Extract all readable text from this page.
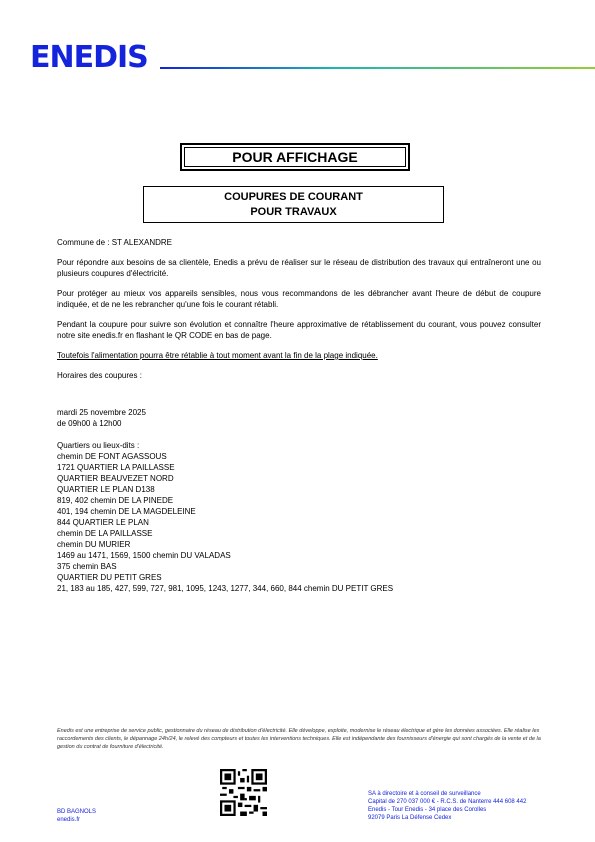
ENEDIS
POUR AFFICHAGE
COUPURES DE COURANT
POUR TRAVAUX

Commune de : ST ALEXANDRE

Pour répondre aux besoins de sa clientèle, Enedis a prévu de réaliser sur le réseau de distribution des travaux qui entraîneront une ou plusieurs coupures d'électricité.

Pour protéger au mieux vos appareils sensibles, nous vous recommandons de les débrancher avant l'heure de début de coupure indiquée, et de ne les rebrancher qu'une fois le courant rétabli.

Pendant la coupure pour suivre son évolution et connaître l'heure approximative de rétablissement du courant, vous pouvez consulter notre site enedis.fr en flashant le QR CODE en bas de page.

Toutefois l'alimentation pourra être rétablie à tout moment avant la fin de la plage indiquée.

Horaires des coupures :

mardi 25 novembre 2025

de 09h00 à 12h00

Quartiers ou lieux-dits :

chemin DE FONT AGASSOUS

1721 QUARTIER LA PAILLASSE

QUARTIER BEAUVEZET NORD

QUARTIER LE PLAN D138

819, 402 chemin DE LA PINEDE

401, 194 chemin DE LA MAGDELEINE

844 QUARTIER LE PLAN

chemin DE LA PAILLASSE

chemin DU MURIER

1469 au 1471, 1569, 1500 chemin DU VALADAS

375 chemin BAS

QUARTIER DU PETIT GRES

21, 183 au 185, 427, 599, 727, 981, 1095, 1243, 1277, 344, 660, 844 chemin DU PETIT GRES

Enedis est une entreprise de service public, gestionnaire du réseau de distribution d'électricité. Elle développe, exploite, modernise le réseau électrique et gère les données associées. Elle réalise les raccordements des clients, le dépannage 24h/24, le relevé des compteurs et toutes les interventions techniques. Elle est indépendante des fournisseurs d'énergie qui sont chargés de la vente et de la gestion du contrat de fourniture d'électricité.
BD BAGNOLS
enedis.fr
SA à directoire et à conseil de surveillance
Capital de 270 037 000 € - R.C.S. de Nanterre 444 608 442
Enedis - Tour Enedis - 34 place des Corolles
92079 Paris La Défense Cedex
